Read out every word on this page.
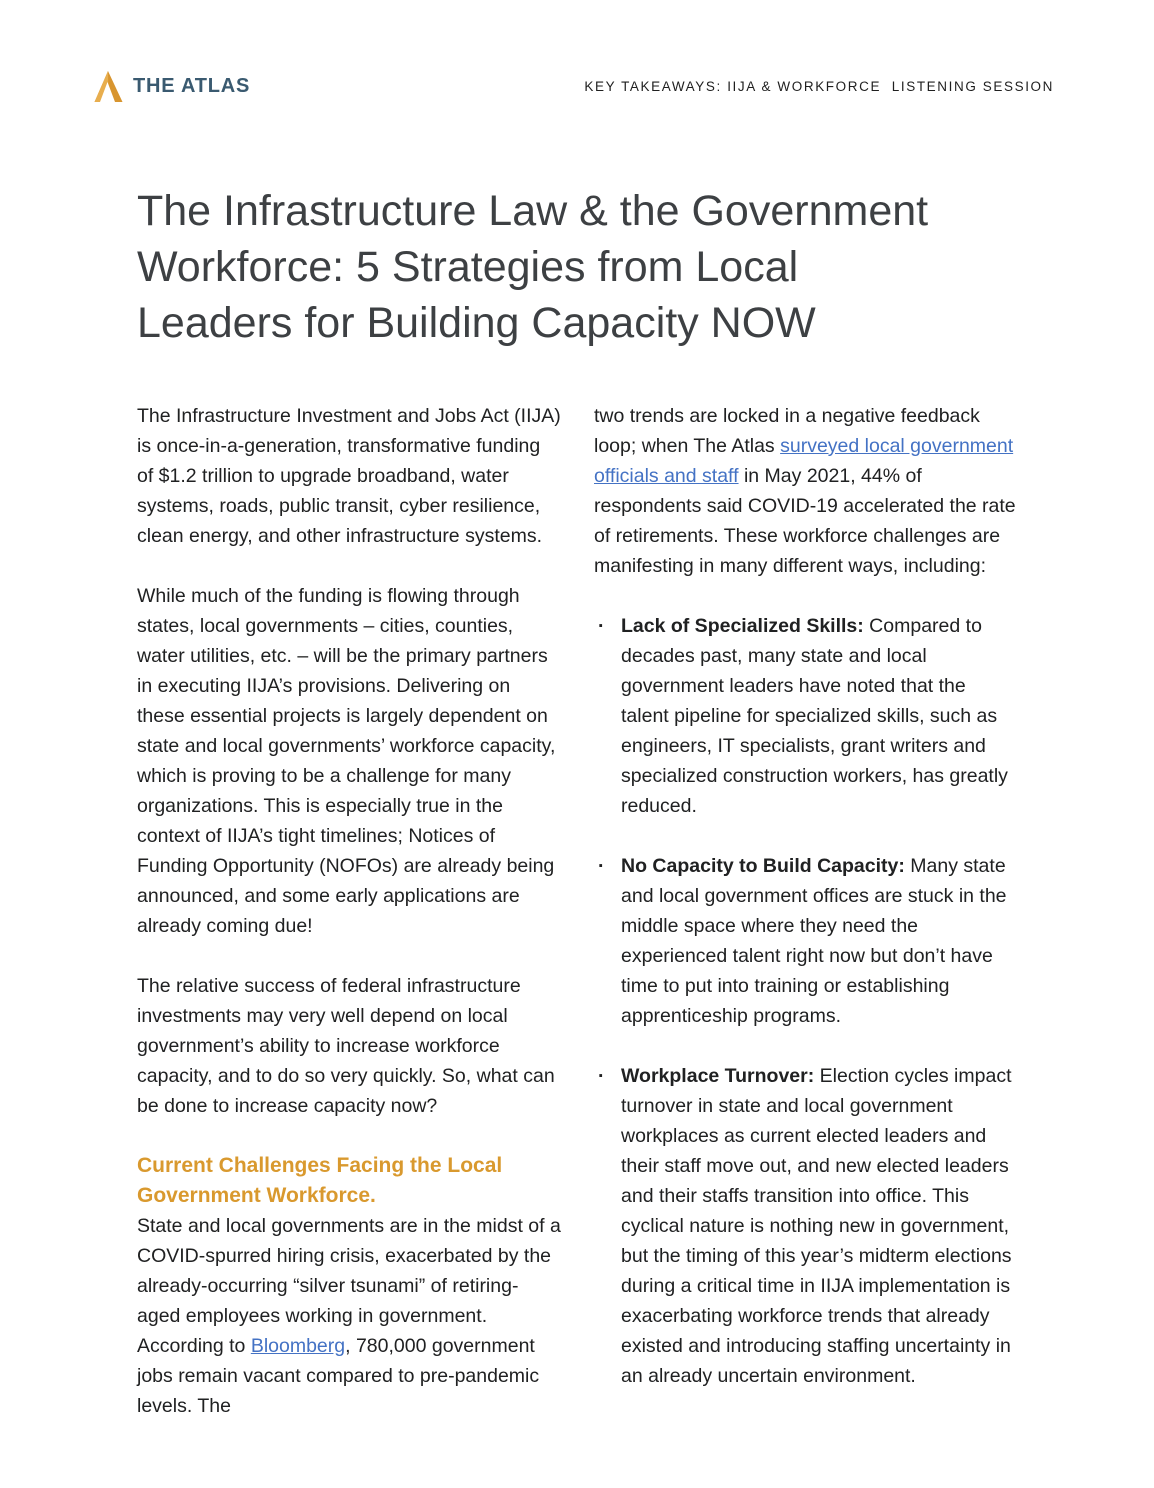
THE ATLAS	KEY TAKEAWAYS: IIJA & WORKFORCE  LISTENING SESSION
The Infrastructure Law & the Government
Workforce: 5 Strategies from Local
Leaders for Building Capacity NOW

The Infrastructure Investment and Jobs Act (IIJA) is once-in-a-generation, transformative funding of $1.2 trillion to upgrade broadband, water systems, roads, public transit, cyber resilience, clean energy, and other infrastructure systems.

While much of the funding is flowing through states, local governments – cities, counties, water utilities, etc. – will be the primary partners in executing IIJA’s provisions. Delivering on these essential projects is largely dependent on state and local governments’ workforce capacity, which is proving to be a challenge for many organizations. This is especially true in the context of IIJA’s tight timelines; Notices of Funding Opportunity (NOFOs) are already being announced, and some early applications are already coming due!

The relative success of federal infrastructure investments may very well depend on local government’s ability to increase workforce capacity, and to do so very quickly. So, what can be done to increase capacity now?

Current Challenges Facing the Local Government Workforce.

State and local governments are in the midst of a COVID-spurred hiring crisis, exacerbated by the already-occurring “silver tsunami” of retiring-aged employees working in government. According to Bloomberg, 780,000 government jobs remain vacant compared to pre-pandemic levels. The

two trends are locked in a negative feedback loop; when The Atlas surveyed local government officials and staff in May 2021, 44% of respondents said COVID-19 accelerated the rate of retirements. These workforce challenges are manifesting in many different ways, including:

· Lack of Specialized Skills: Compared to decades past, many state and local government leaders have noted that the talent pipeline for specialized skills, such as engineers, IT specialists, grant writers and specialized construction workers, has greatly reduced.
· No Capacity to Build Capacity: Many state and local government offices are stuck in the middle space where they need the experienced talent right now but don’t have time to put into training or establishing apprenticeship programs.
· Workplace Turnover: Election cycles impact turnover in state and local government workplaces as current elected leaders and their staff move out, and new elected leaders and their staffs transition into office. This cyclical nature is nothing new in government, but the timing of this year’s midterm elections during a critical time in IIJA implementation is exacerbating workforce trends that already existed and introducing staffing uncertainty in an already uncertain environment.
